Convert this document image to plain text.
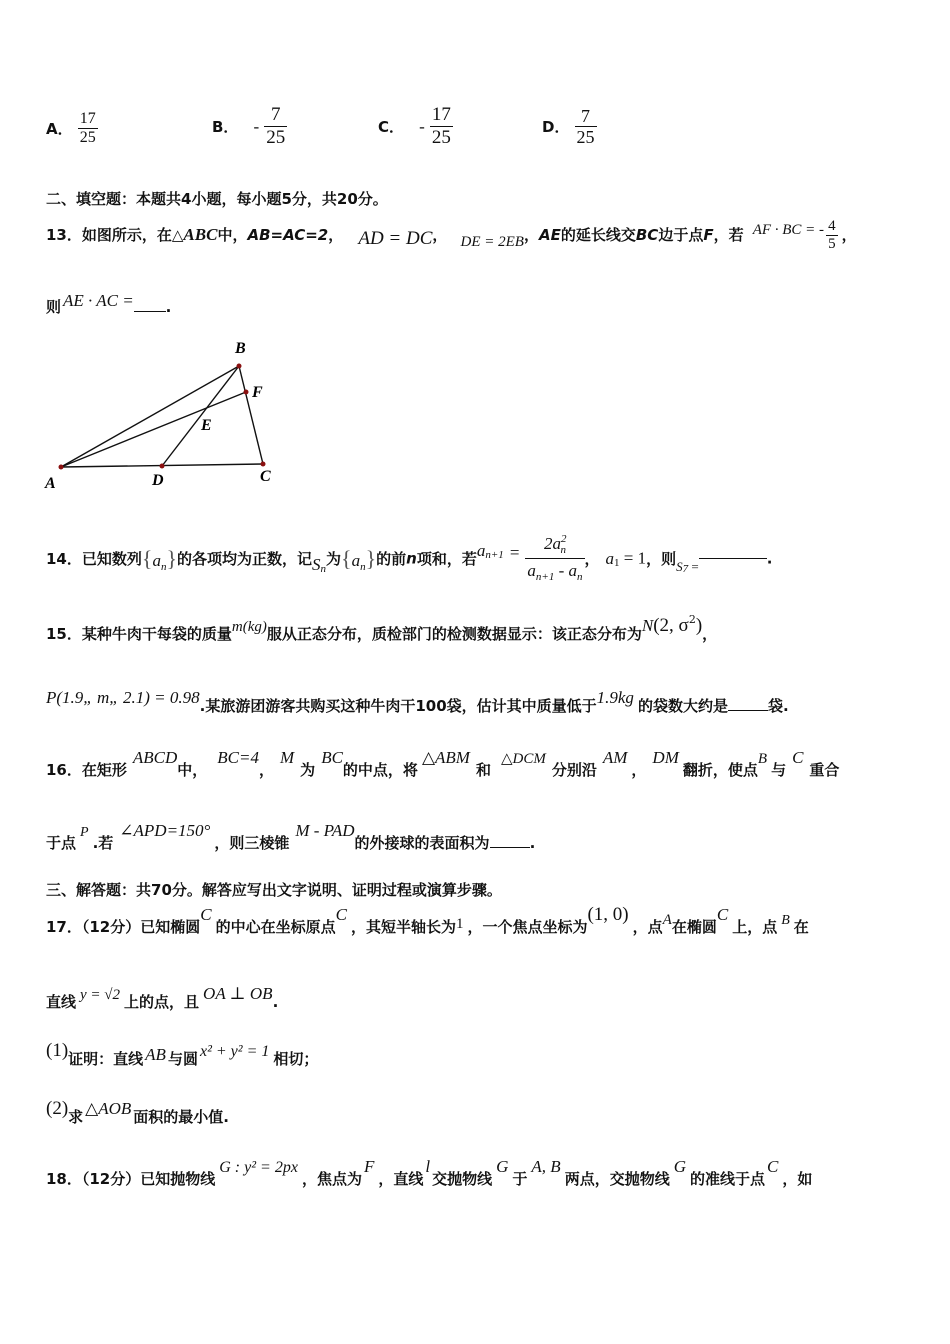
A． $\frac{17}{25}$	B． - $\frac{7}{25}$	C． - $\frac{17}{25}$	D． $\frac{7}{25}$
二、填空题：本题共4小题，每小题5分，共20分。
13．如图所示，在△ABC中，AB=AC=2， AD = DC， DE = 2EB，AE的延长线交BC边于点F，若 AF · BC = - $\frac{4}{5}$ ，
则 AE · AC = .
B
F
E
A	D	C
14．已知数列{an}的各项均为正数，记$S_n$为{an}的前n项和，若$a^{n+1} = \frac{2a^2_n}{a_{n+1} - a_n}$ ， $a_1 = 1$，则$_{S7}$ $_=$	.
15．某种牛肉干每袋的质量m(kg)服从正态分布，质检部门的检测数据显示：该正态分布为N(2, $\sigma^2$)，
P(1.9„ m„ 2.1) = 0.98.某旅游团游客共购买这种牛肉干100袋，估计其中质量低于1.9kg 的袋数大约是	袋.
16．在矩形ABCD中，BC=4，M为BC的中点，将△ABM和△DCM分别沿AM，DM翻折，使点B与C重合
于点P.若∠APD=150°，则三棱锥M - PAD的外接球的表面积为	.
三、解答题：共70分。解答应写出文字说明、证明过程或演算步骤。
17．（12分）已知椭圆C的中心在坐标原点C，其短半轴长为1 ，一个焦点坐标为(1, 0)，点A在椭圆C上，点 B 在
直线 y = √2 上的点，且 OA ⊥ OB.
(1)证明：直线 AB 与圆 x² + y² = 1 相切；
(2)求 △AOB 面积的最小值.
18．（12分）已知抛物线G : y² = 2px，焦点为F，直线l交抛物线G于A, B两点，交抛物线G的准线于点C，如
